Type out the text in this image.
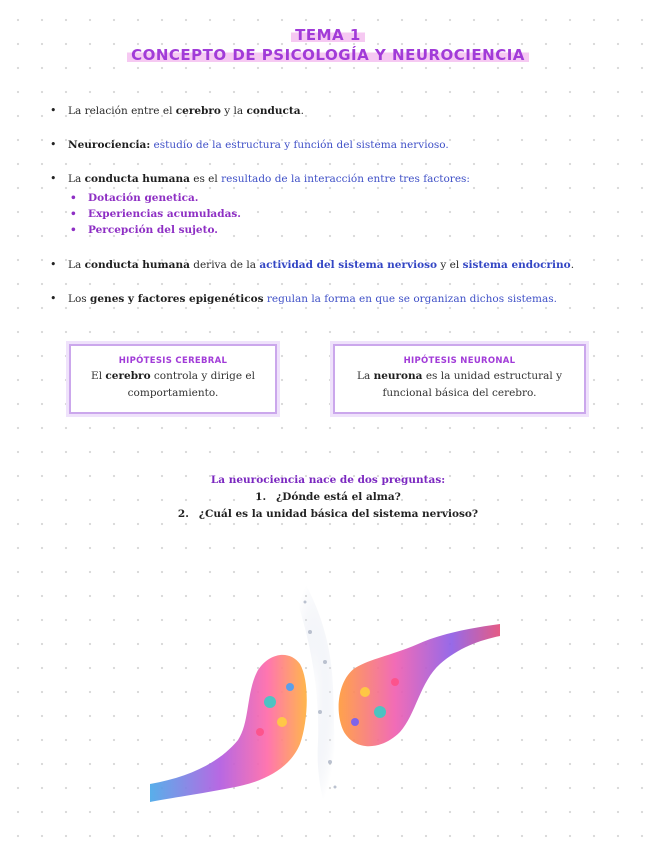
TEMA 1
CONCEPTO DE PSICOLOGÍA Y NEUROCIENCIA
• La relación entre el cerebro y la conducta.
• Neurociencia: estudio de la estructura y función del sistema nervioso.
• La conducta humana es el resultado de la interacción entre tres factores:
• Dotación genetica.
• Experiencias acumuladas.
• Percepción del sujeto.
• La conducta humana deriva de la actividad del sistema nervioso y el sistema endocrino.
• Los genes y factores epigenéticos regulan la forma en que se organizan dichos sistemas.
HIPÓTESIS CEREBRAL
El cerebro controla y dirige el comportamiento.
HIPÓTESIS NEURONAL
La neurona es la unidad estructural y funcional básica del cerebro.
La neurociencia nace de dos preguntas:
1. ¿Dónde está el alma?
2. ¿Cuál es la unidad básica del sistema nervioso?
